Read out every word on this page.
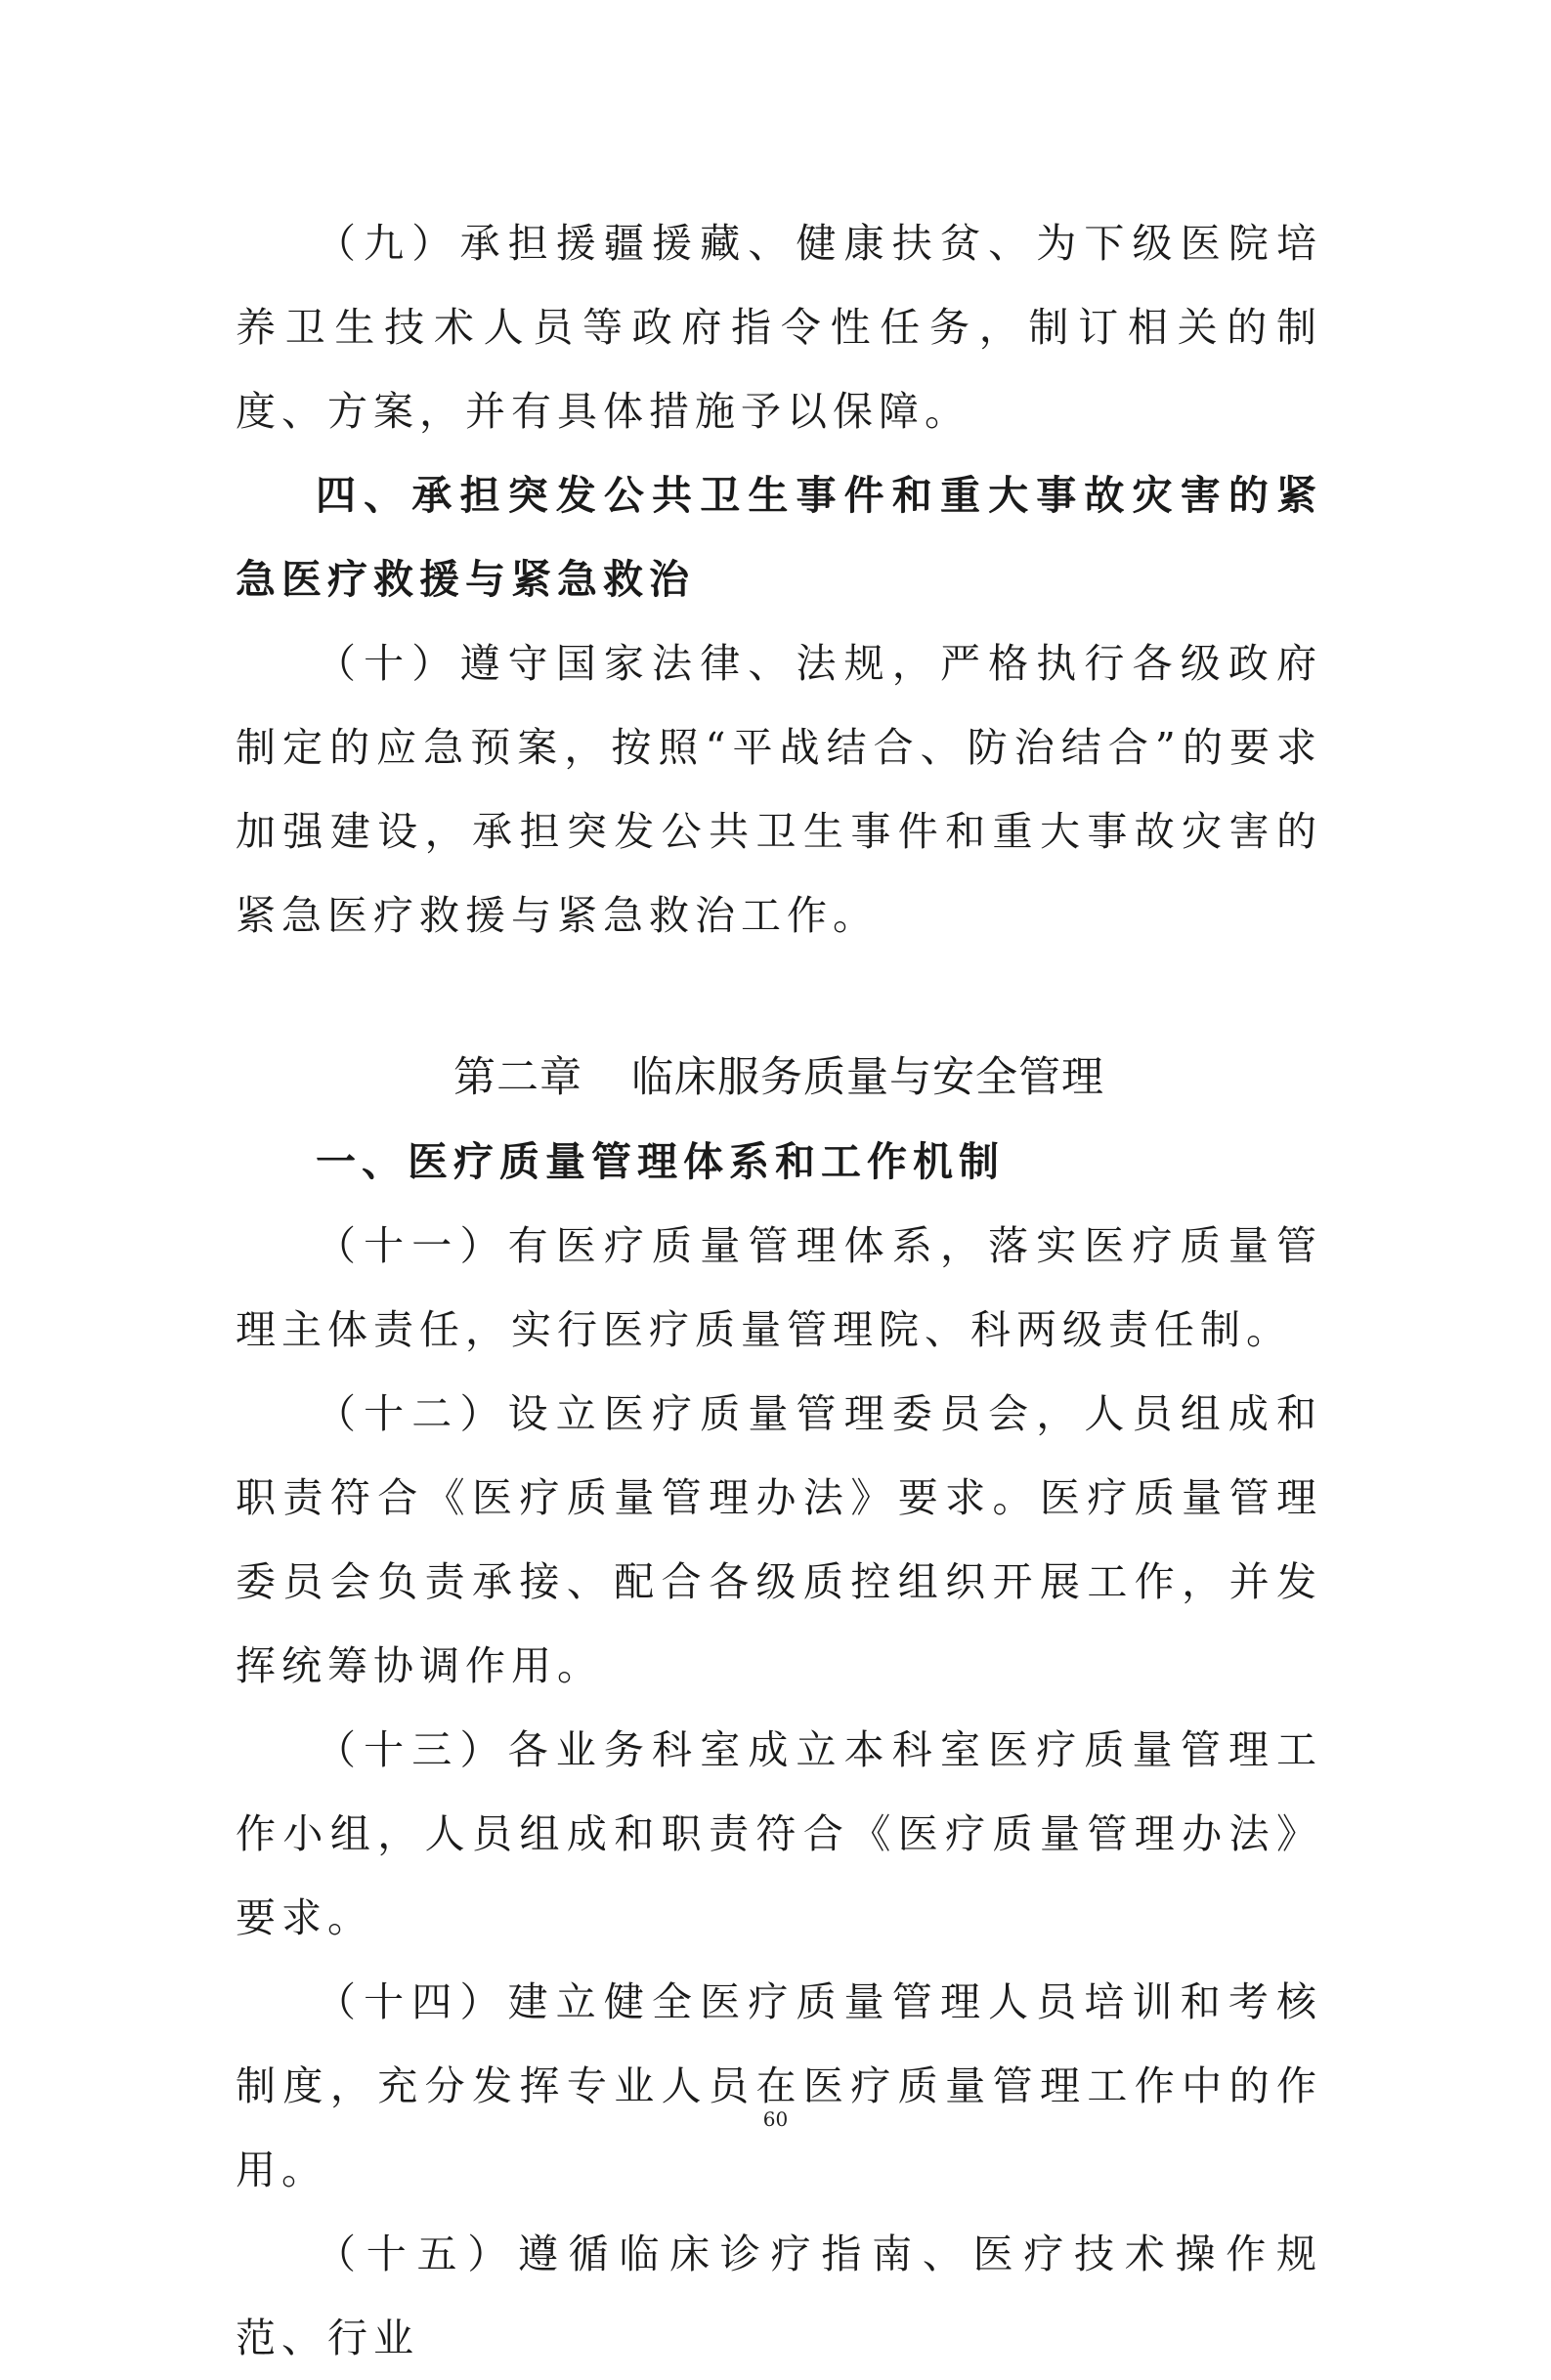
（九）承担援疆援藏、健康扶贫、为下级医院培养卫生技术人员等政府指令性任务，制订相关的制度、方案，并有具体措施予以保障。

四、承担突发公共卫生事件和重大事故灾害的紧急医疗救援与紧急救治

（十）遵守国家法律、法规，严格执行各级政府制定的应急预案，按照“平战结合、防治结合”的要求加强建设，承担突发公共卫生事件和重大事故灾害的紧急医疗救援与紧急救治工作。

第二章 临床服务质量与安全管理

一、医疗质量管理体系和工作机制

（十一）有医疗质量管理体系，落实医疗质量管理主体责任，实行医疗质量管理院、科两级责任制。

（十二）设立医疗质量管理委员会，人员组成和职责符合《医疗质量管理办法》要求。医疗质量管理委员会负责承接、配合各级质控组织开展工作，并发挥统筹协调作用。

（十三）各业务科室成立本科室医疗质量管理工作小组，人员组成和职责符合《医疗质量管理办法》要求。

（十四）建立健全医疗质量管理人员培训和考核制度，充分发挥专业人员在医疗质量管理工作中的作用。

（十五）遵循临床诊疗指南、医疗技术操作规范、行业

60
